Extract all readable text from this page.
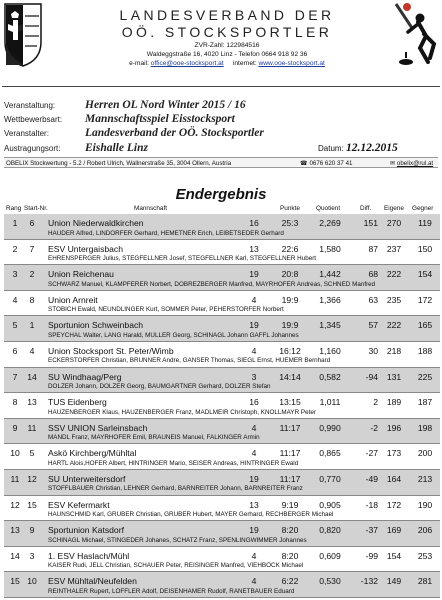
LANDESVERBAND DER
OÖ. STOCKSPORTLER
ZVR-Zahl: 122984516
Waldeggstraße 16, 4020 Linz - Telefon 0664 918 92 36
e-mail: office@ooe-stocksport.at internet: www.ooe-stocksport.at
Veranstaltung:	Herren OL Nord Winter 2015 / 16
Wettbewerbsart: Mannschaftsspiel Eisstocksport
Veranstalter:	Landesverband der OÖ. Stocksportler
Austragungsort: Eishalle Linz	Datum: 12.12.2015
OBELIX Stockwertung - 5.2 / Robert Ulrich, Wallnerstraße 35, 3004 Ollern, Austria	☎ 0676 620 37 41	✉ obelix@rul.at
Endergebnis
Rang Start-Nr.	Mannschaft	Punkte	Quotient	Diff. Eigene Gegner
1	6	Union Niederwaldkirchen	16	25:3	2,269	151	270	119
HAUDER Alfred, LINDORFER Gerhard, HEMETNER Erich, LEIBETSEDER Gerhard
2	7	ESV Untergaisbach	13	22:6	1,580	87	237	150
EHRENSPERGER Julius, STEGFELLNER Josef, STEGFELLNER Karl, STEGFELLNER Hubert
3	2	Union Reichenau	19	20:8	1,442	68	222	154
SCHWARZ Manuel, KLAMPFERER Norbert, DOBREZBERGER Manfred, MAYRHOFER Andreas, SCHNED Manfred
4	8	Union Arnreit	4	19:9	1,366	63	235	172
STÖBICH Ewald, NEUNDLINGER Kurt, SOMMER Peter, PEHERSTORFER Norbert
5	1	Sportunion Schweinbach	19	19:9	1,345	57	222	165
SPEYCHAL Walter, LANG Harald, MÜLLER Georg, SCHINAGL Johann GAFFL Johannes
6	4	Union Stocksport St. Peter/Wimb	4	16:12	1,160	30	218	188
ECKERSTORFER Christian, BRUNNER Andre, GANSER Thomas, SIEGL Ernst, HUEMER Bernhard
7	14	SU Windhaag/Perg	3	14:14	0,582	-94	131	225
DOLZER Johann, DOLZER Georg, BAUMGARTNER Gerhard, DOLZER Stefan
8	13	TUS Eidenberg	16	13:15	1,011	2	189	187
HAUZENBERGER Klaus, HAUZENBERGER Franz, MADLMEIR Christoph, KNOLLMAYR Peter
9	11	SSV UNION Sarleinsbach	4	11:17	0,990	-2	196	198
MANDL Franz, MAYRHOFER Emil, BRAUNEIS Manuel, FALKINGER Armin
10	5	Askö Kirchberg/Mühltal	4	11:17	0,865	-27	173	200
HARTL Alois,HOFER Albert, HINTRINGER Mario, SEISER Andreas, HINTRINGER Ewald
11 12	SU Unterweitersdorf	19	11:17	0,770	-49	164	213
STÖFFLBAUER Christian, LEHNER Gerhard, BARNREITER Johann, BARNREITER Franz
12 15	ESV Kefermarkt	13	9:19	0,905	-18	172	190
HAUNSCHMID Karl, GRUBER Christian, GRUBER Hubert, MAYER Gerhard, RECHBERGER Michael
13	9	Sportunion Katsdorf	19	8:20	0,820	-37	169	206
SCHINAGL Michael, STINGEDER Johanes, SCHATZ Franz, SPENLINGWIMMER Johannes
14	3	1. ESV Haslach/Mühl	4	8:20	0,609	-99	154	253
KAISER Rudi, JELL Christian, SCHAUER Peter, REISINGER Manfred, VIEHBÖCK Michael
15 10	ESV Mühltal/Neufelden	4	6:22	0,530	-132	149	281
REINTHALER Rupert, LÖFFLER Adolf, DEISENHAMER Rudolf, RANETBAUER Eduard
